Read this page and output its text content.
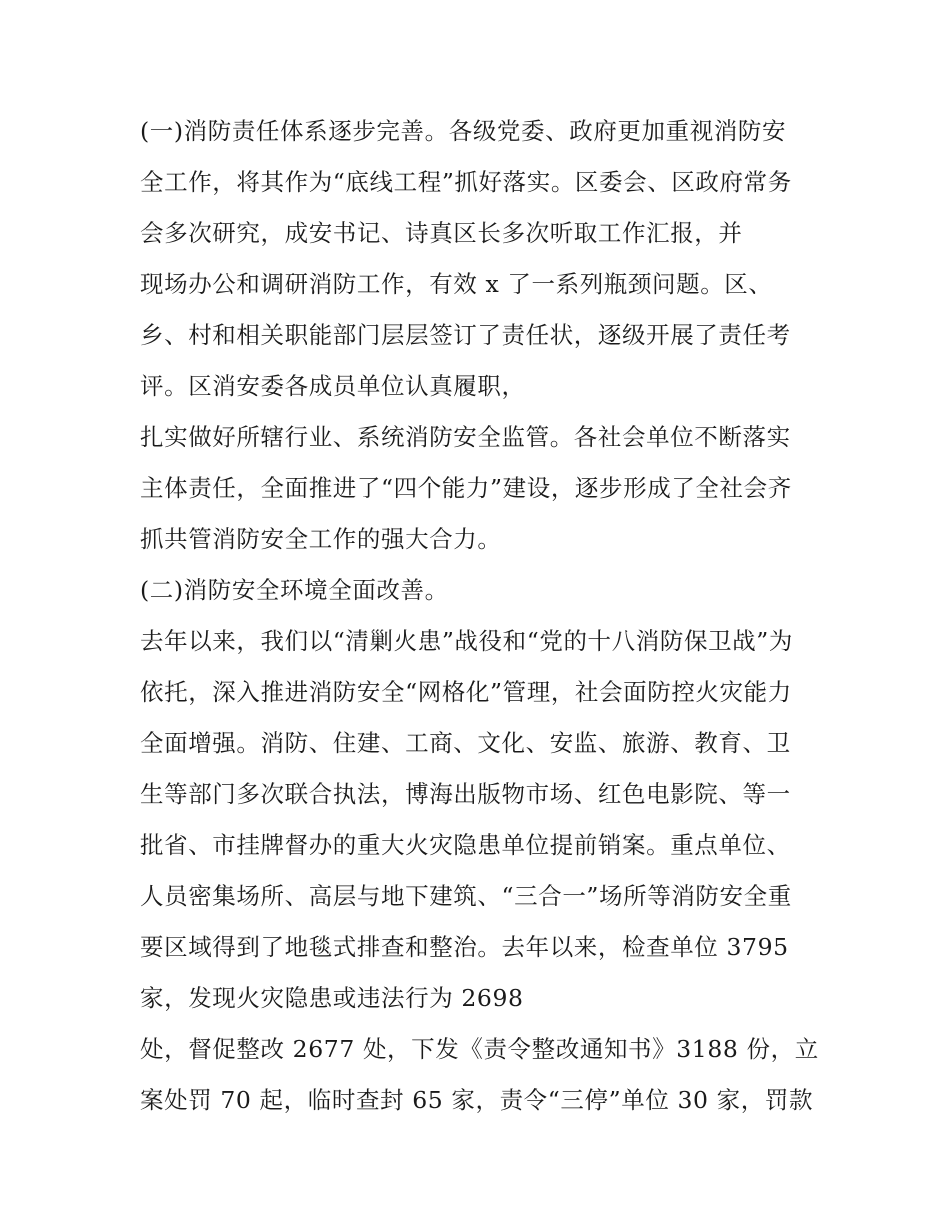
(一)消防责任体系逐步完善。各级党委、政府更加重视消防安
全工作，将其作为“底线工程”抓好落实。区委会、区政府常务
会多次研究，成安书记、诗真区长多次听取工作汇报，并
现场办公和调研消防工作，有效 x 了一系列瓶颈问题。区、
乡、村和相关职能部门层层签订了责任状，逐级开展了责任考
评。区消安委各成员单位认真履职，
扎实做好所辖行业、系统消防安全监管。各社会单位不断落实
主体责任，全面推进了“四个能力”建设，逐步形成了全社会齐
抓共管消防安全工作的强大合力。
(二)消防安全环境全面改善。
去年以来，我们以“清剿火患”战役和“党的十八消防保卫战”为
依托，深入推进消防安全“网格化”管理，社会面防控火灾能力
全面增强。消防、住建、工商、文化、安监、旅游、教育、卫
生等部门多次联合执法，博海出版物市场、红色电影院、等一
批省、市挂牌督办的重大火灾隐患单位提前销案。重点单位、
人员密集场所、高层与地下建筑、“三合一”场所等消防安全重
要区域得到了地毯式排查和整治。去年以来，检查单位 3795
家，发现火灾隐患或违法行为 2698
处，督促整改 2677 处，下发《责令整改通知书》3188 份，立
案处罚 70 起，临时查封 65 家，责令“三停”单位 30 家，罚款
